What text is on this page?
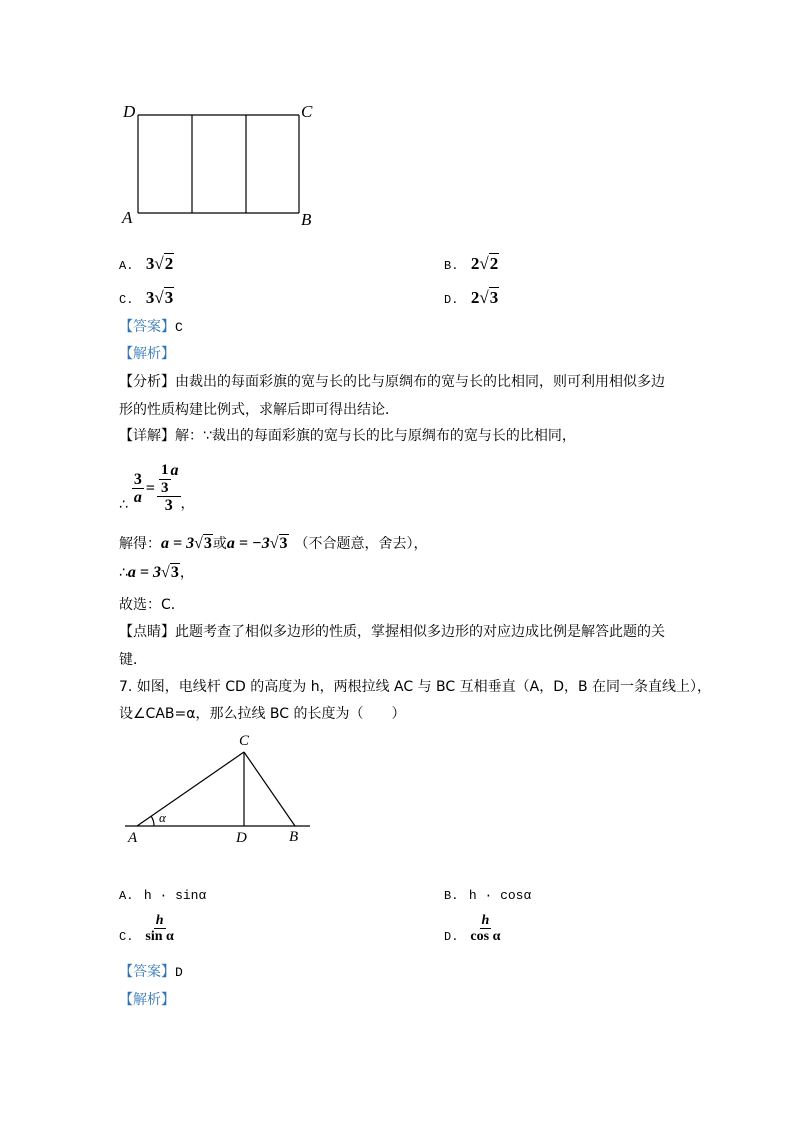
D	C
A	B
A. 3√2	B. 2√2
C. 3√3	D. 2√3
【答案】C
【解析】
【分析】由裁出的每面彩旗的宽与长的比与原绸布的宽与长的比相同，则可利用相似多边
形的性质构建比例式，求解后即可得出结论．
【详解】解：∵裁出的每面彩旗的宽与长的比与原绸布的宽与长的比相同，
∴ $\frac{3}{a} = \frac{\frac{1}{3} a}{3}$ ，
解得：a = 3√3或a = −3√3 （不合题意，舍去），
∴a = 3√3，
故选：C．
【点睛】此题考查了相似多边形的性质，掌握相似多边形的对应边成比例是解答此题的关
键．
7. 如图，电线杆 CD 的高度为 h，两根拉线 AC 与 BC 互相垂直（A，D，B 在同一条直线上），
设∠CAB=α，那么拉线 BC 的长度为（　　）
C
A	D	B
α
A. h · sinα	B. h · cosα
C. $\frac{h}{\text{sin α}}$	D. $\frac{h}{\text{cos α}}$
【答案】D
【解析】
